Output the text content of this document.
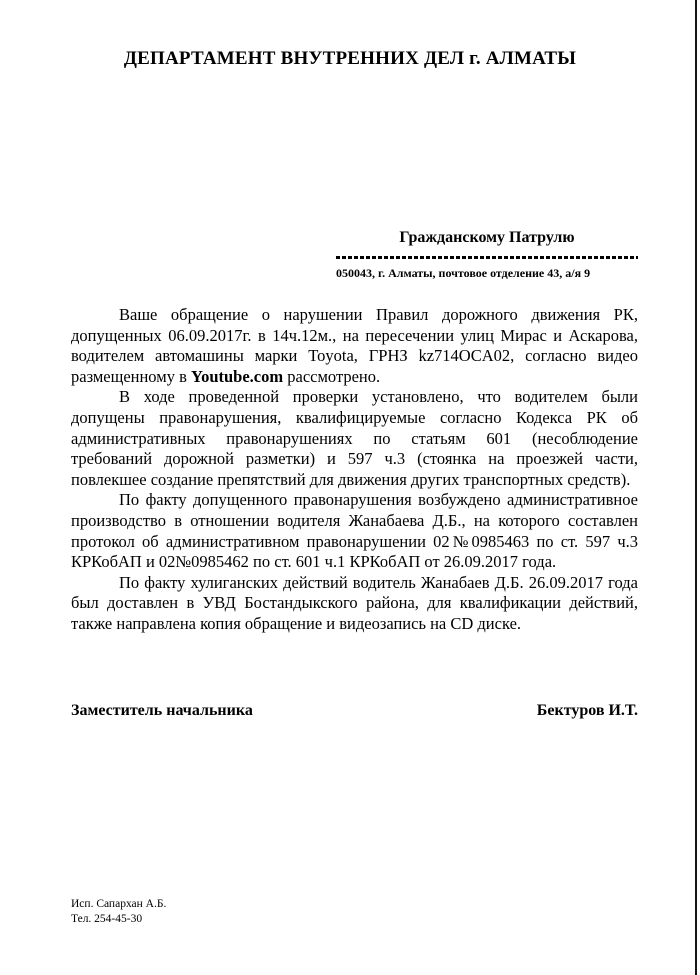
ДЕПАРТАМЕНТ ВНУТРЕННИХ ДЕЛ г. АЛМАТЫ
Гражданскому Патрулю
050043, г. Алматы, почтовое отделение 43, а/я 9

Ваше обращение о нарушении Правил дорожного движения РК, допущенных 06.09.2017г. в 14ч.12м., на пересечении улиц Мирас и Аскарова, водителем автомашины марки Toyota, ГРНЗ kz714OCA02, согласно видео размещенному в Youtube.com рассмотрено.

В ходе проведенной проверки установлено, что водителем были допущены правонарушения, квалифицируемые согласно Кодекса РК об административных правонарушениях по статьям 601 (несоблюдение требований дорожной разметки) и 597 ч.3 (стоянка на проезжей части, повлекшее создание препятствий для движения других транспортных средств).

По факту допущенного правонарушения возбуждено административное производство в отношении водителя Жанабаева Д.Б., на которого составлен протокол об административном правонарушении 02№0985463 по ст. 597 ч.3 КРКобАП и 02№0985462 по ст. 601 ч.1 КРКобАП от 26.09.2017 года.

По факту хулиганских действий водитель Жанабаев Д.Б. 26.09.2017 года был доставлен в УВД Бостандыкского района, для квалификации действий, также направлена копия обращение и видеозапись на CD диске.

Заместитель начальника	Бектуров И.Т.
Исп. Сапархан А.Б.
Тел. 254-45-30
